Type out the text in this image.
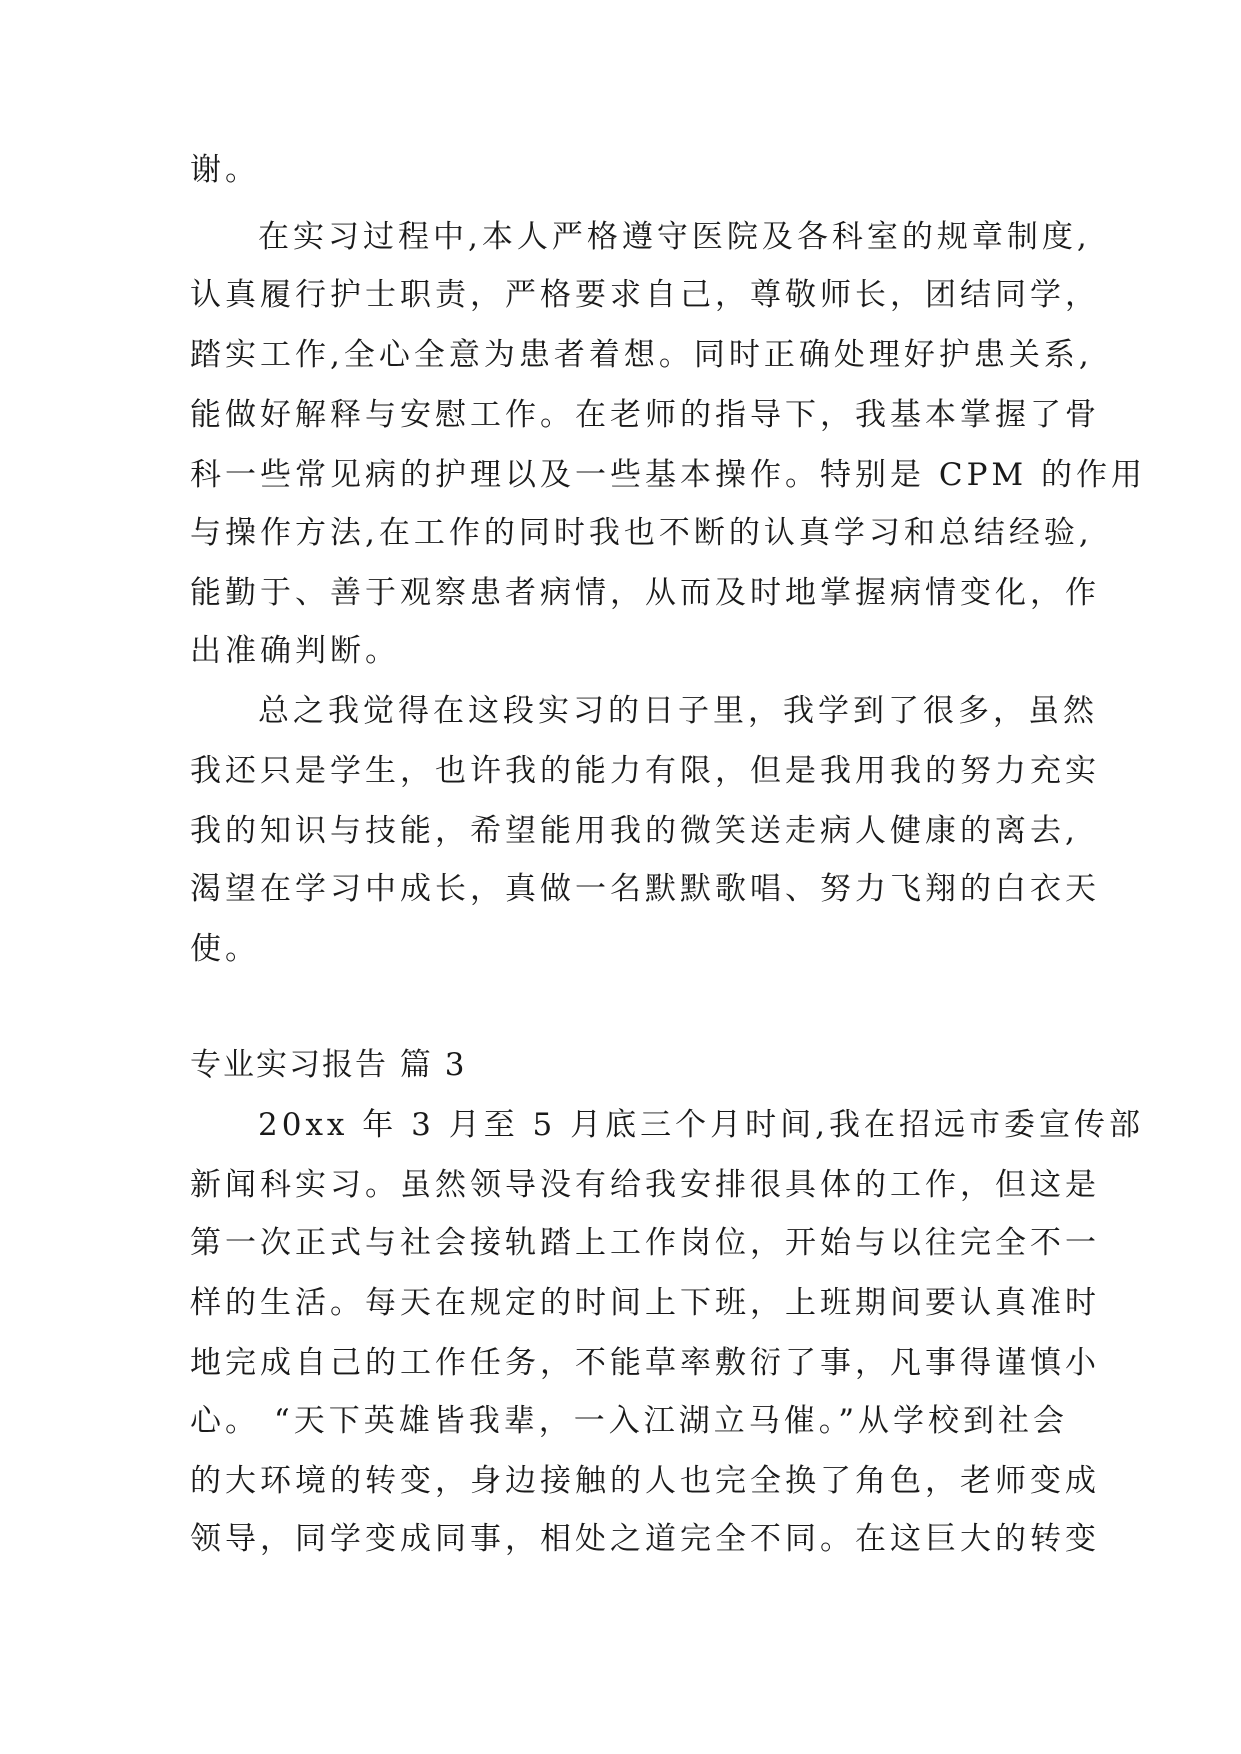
谢。
在实习过程中,本人严格遵守医院及各科室的规章制度,
认真履行护士职责，严格要求自己，尊敬师长，团结同学，
踏实工作,全心全意为患者着想。同时正确处理好护患关系,
能做好解释与安慰工作。在老师的指导下，我基本掌握了骨
科一些常见病的护理以及一些基本操作。特别是 CPM 的作用
与操作方法,在工作的同时我也不断的认真学习和总结经验,
能勤于、善于观察患者病情，从而及时地掌握病情变化，作
出准确判断。
总之我觉得在这段实习的日子里，我学到了很多，虽然
我还只是学生，也许我的能力有限，但是我用我的努力充实
我的知识与技能，希望能用我的微笑送走病人健康的离去,
渴望在学习中成长，真做一名默默歌唱、努力飞翔的白衣天
使。
专业实习报告 篇 3
20xx 年 3 月至 5 月底三个月时间,我在招远市委宣传部
新闻科实习。虽然领导没有给我安排很具体的工作，但这是
第一次正式与社会接轨踏上工作岗位，开始与以往完全不一
样的生活。每天在规定的时间上下班，上班期间要认真准时
地完成自己的工作任务，不能草率敷衍了事，凡事得谨慎小
心。 “天下英雄皆我辈，一入江湖立马催。”从学校到社会
的大环境的转变，身边接触的人也完全换了角色，老师变成
领导，同学变成同事，相处之道完全不同。在这巨大的转变
